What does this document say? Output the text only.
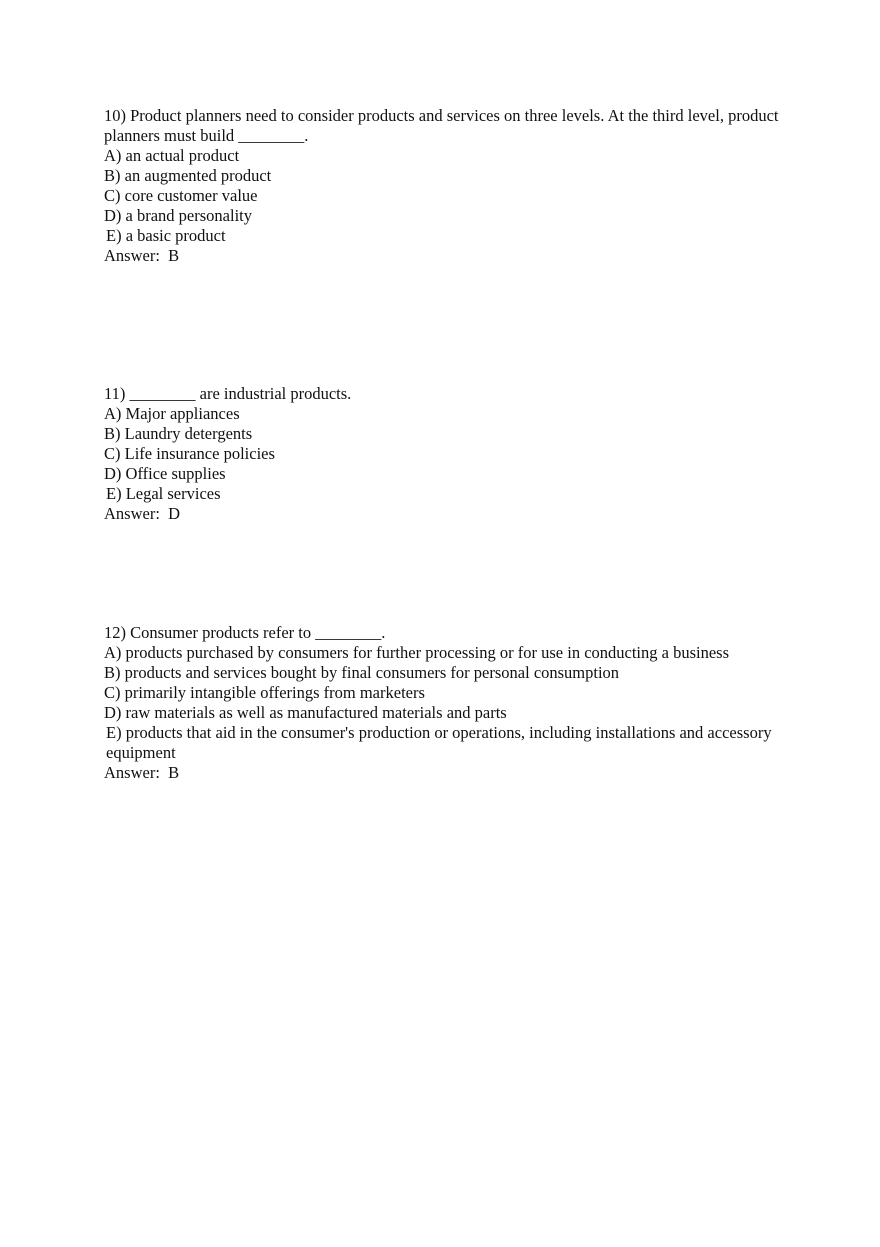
10) Product planners need to consider products and services on three levels. At the third level, product planners must build ________.
A) an actual product
B) an augmented product
C) core customer value
D) a brand personality
E) a basic product
Answer:  B
11) ________ are industrial products.
A) Major appliances
B) Laundry detergents
C) Life insurance policies
D) Office supplies
E) Legal services
Answer:  D
12) Consumer products refer to ________.
A) products purchased by consumers for further processing or for use in conducting a business
B) products and services bought by final consumers for personal consumption
C) primarily intangible offerings from marketers
D) raw materials as well as manufactured materials and parts
E) products that aid in the consumer's production or operations, including installations and accessory equipment
Answer:  B
